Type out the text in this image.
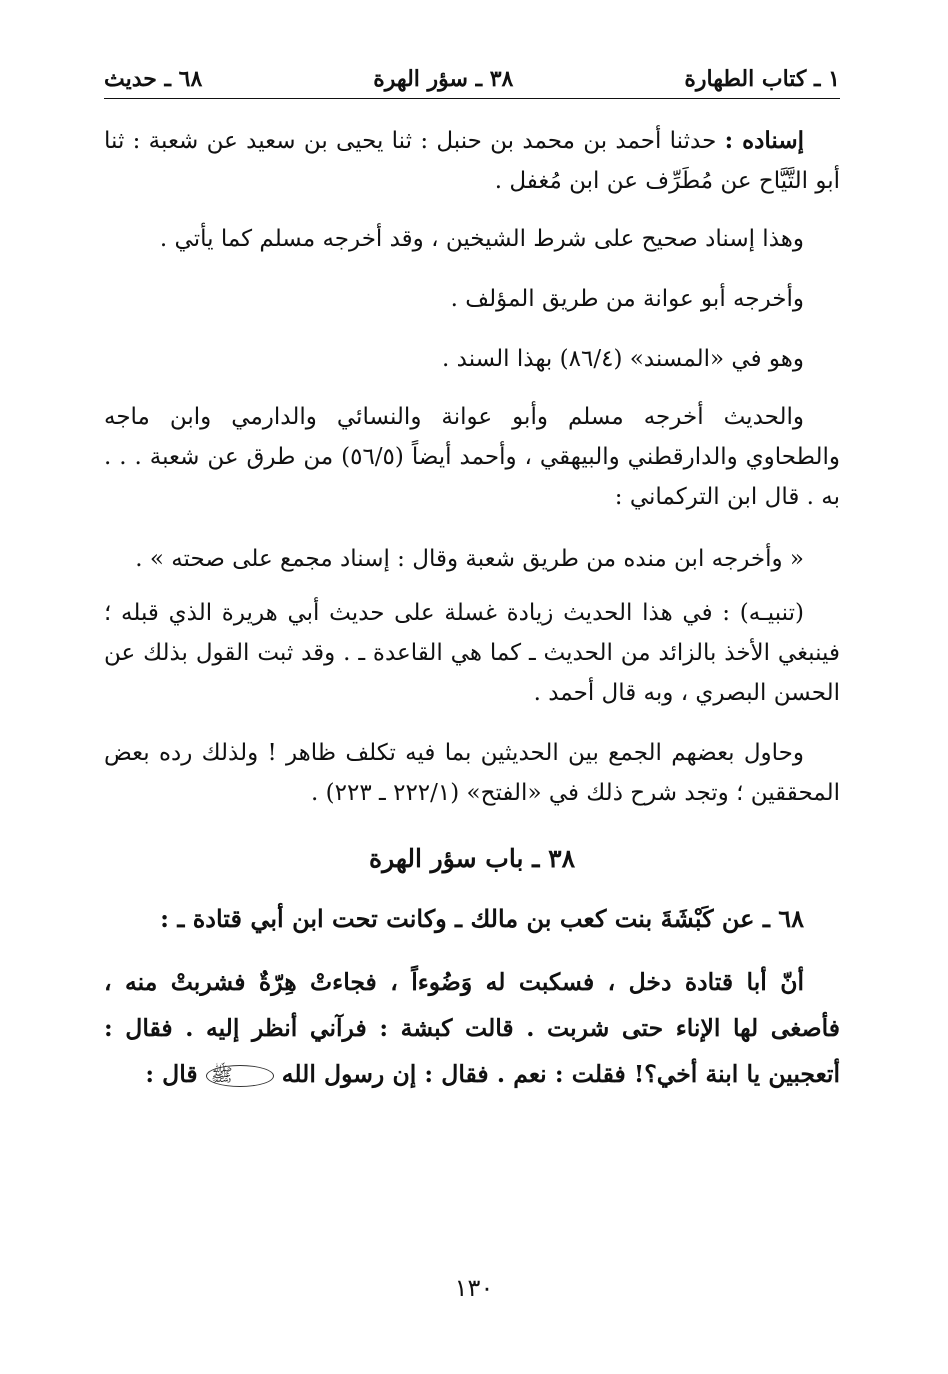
١ ـ كتاب الطهارة
٣٨ ـ سؤر الهرة
٦٨ ـ حديث

إسناده : حدثنا أحمد بن محمد بن حنبل : ثنا يحيى بن سعيد عن شعبة : ثنا أبو التَّيَّاح عن مُطَرِّف عن ابن مُغفل .

وهذا إسناد صحيح على شرط الشيخين ، وقد أخرجه مسلم كما يأتي .

وأخرجه أبو عوانة من طريق المؤلف .

وهو في «المسند» (٨٦/٤) بهذا السند .

والحديث أخرجه مسلم وأبو عوانة والنسائي والدارمي وابن ماجه والطحاوي والدارقطني والبيهقي ، وأحمد أيضاً (٥٦/٥) من طرق عن شعبة . . . به . قال ابن التركماني :

« وأخرجه ابن منده من طريق شعبة وقال : إسناد مجمع على صحته » .

(تنبيـه) : في هذا الحديث زيادة غسلة على حديث أبي هريرة الذي قبله ؛ فينبغي الأخذ بالزائد من الحديث ـ كما هي القاعدة ـ . وقد ثبت القول بذلك عن الحسن البصري ، وبه قال أحمد .

وحاول بعضهم الجمع بين الحديثين بما فيه تكلف ظاهر ! ولذلك رده بعض المحققين ؛ وتجد شرح ذلك في «الفتح» (٢٢٢/١ ـ ٢٢٣) .

٣٨ ـ باب سؤر الهرة

٦٨ ـ عن كَبْشَةَ بنت كعب بن مالك ـ وكانت تحت ابن أبي قتادة ـ :

أنّ أبا قتادة دخل ، فسكبت له وَضُوءاً ، فجاءتْ هِرّةٌ فشربتْ منه ، فأصغى لها الإناء حتى شربت . قالت كبشة : فرآني أنظر إليه . فقال : أتعجبين يا ابنة أخي؟! فقلت : نعم . فقال : إن رسول الله ﷺ قال :

١٣٠
